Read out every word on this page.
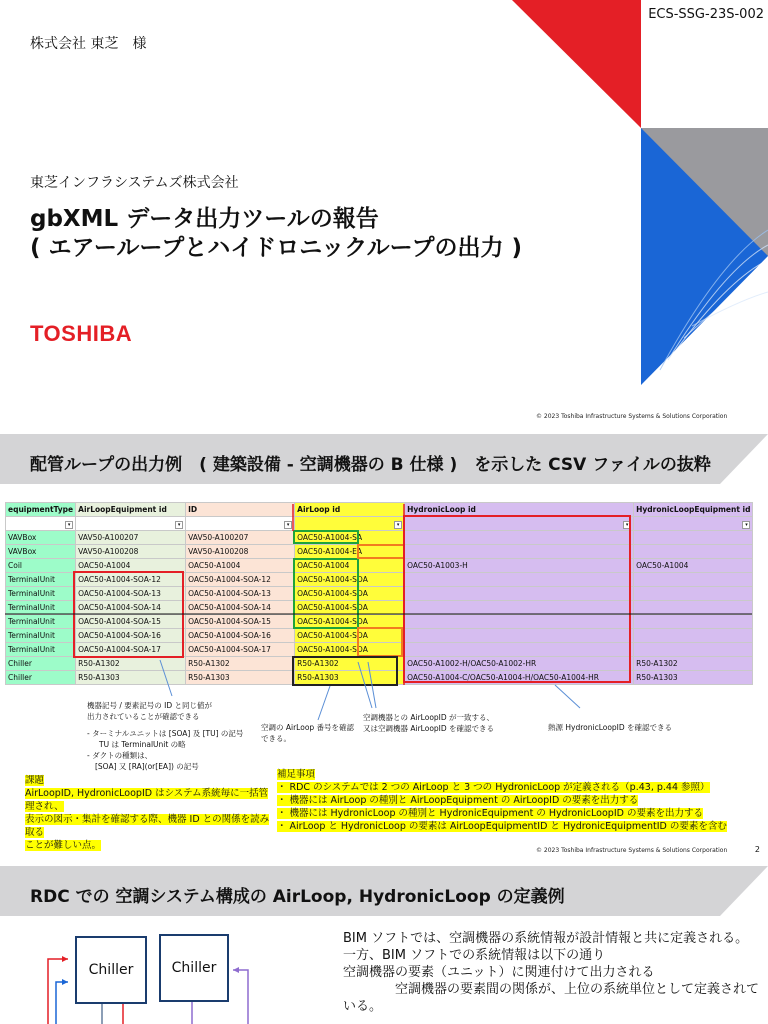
ECS-SSG-23S-002
株式会社 東芝　様
東芝インフラシステムズ株式会社
gbXML データ出力ツールの報告
( エアーループとハイドロニックループの出力 )
TOSHIBA
© 2023 Toshiba Infrastructure Systems & Solutions Corporation
配管ループの出力例　( 建築設備 - 空調機器の B 仕様 )　を示した CSV ファイルの抜粋
equipmentType	AirLoopEquipment id	ID	AirLoop id	HydronicLoop id	HydronicLoopEquipment id

▾	▾	▾	▾	▾	▾

VAVBox	VAV50-A100207	VAV50-A100207	OAC50-A1004-SA		
VAVBox	VAV50-A100208	VAV50-A100208	OAC50-A1004-EA		
Coil	OAC50-A1004	OAC50-A1004	OAC50-A1004	OAC50-A1003-H	OAC50-A1004
TerminalUnit	OAC50-A1004-SOA-12	OAC50-A1004-SOA-12	OAC50-A1004-SOA		
TerminalUnit	OAC50-A1004-SOA-13	OAC50-A1004-SOA-13	OAC50-A1004-SOA		
TerminalUnit	OAC50-A1004-SOA-14	OAC50-A1004-SOA-14	OAC50-A1004-SOA		
TerminalUnit	OAC50-A1004-SOA-15	OAC50-A1004-SOA-15	OAC50-A1004-SOA		
TerminalUnit	OAC50-A1004-SOA-16	OAC50-A1004-SOA-16	OAC50-A1004-SOA		
TerminalUnit	OAC50-A1004-SOA-17	OAC50-A1004-SOA-17	OAC50-A1004-SOA		
Chiller	R50-A1302	R50-A1302	R50-A1302	OAC50-A1002-H/OAC50-A1002-HR	R50-A1302
Chiller	R50-A1303	R50-A1303	R50-A1303	OAC50-A1004-C/OAC50-A1004-H/OAC50-A1004-HR	R50-A1303
機器記号 / 要素記号の ID と同じ値が
出力されていることが確認できる
- ターミナルユニットは [SOA] 及 [TU] の記号
TU は TerminalUnit の略
- ダクトの種類は、
[SOA] 又 [RA](or[EA]) の記号
空調の AirLoop 番号を確認
できる。
空調機器との AirLoopID が一致する、
又は空調機器 AirLoopID を確認できる	熱源 HydronicLoopID を確認できる
課題
AirLoopID, HydronicLoopID はシステム系統毎に一括管理され、
表示の図示・集計を確認する際、機器 ID との関係を読み取る
ことが難しい点。
補足事項
・ RDC のシステムでは 2 つの AirLoop と 3 つの HydronicLoop が定義される（p.43, p.44 参照）
・ 機器には AirLoop の種別と AirLoopEquipment の AirLoopID の要素を出力する
・ 機器には HydronicLoop の種別と HydronicEquipment の HydronicLoopID の要素を出力する
・ AirLoop と HydronicLoop の要素は AirLoopEquipmentID と HydronicEquipmentID の要素を含む
© 2023 Toshiba Infrastructure Systems & Solutions Corporation	2
RDC での 空調システム構成の AirLoop, HydronicLoop の定義例
Chiller	Chiller
BIM ソフトでは、空調機器の系統情報が設計情報と共に定義される。
一方、BIM ソフトでの系統情報は以下の通り
空調機器の要素（ユニット）に関連付けて出力される
　　　　空調機器の要素間の関係が、上位の系統単位として定義されている。
